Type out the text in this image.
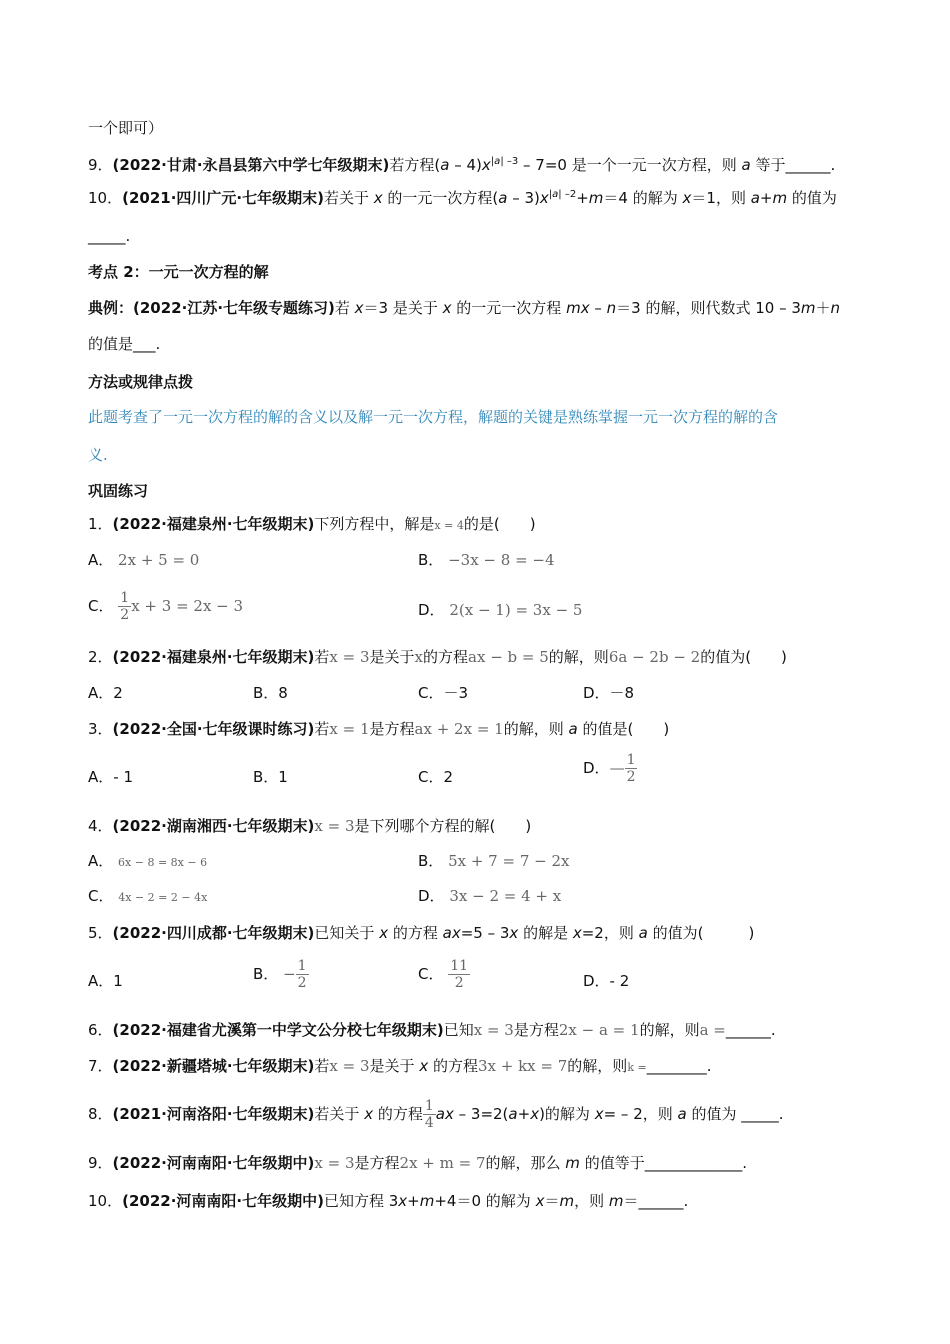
一个即可）
9．(2022·甘肃·永昌县第六中学七年级期末)若方程$(a - 4)x^{|a| -3} - 7=0$ 是一个一元一次方程，则 a 等于______.
10．(2021·四川广元·七年级期末)若关于 x 的一元一次方程$(a - 3)x^{|a| -2}+m=4$ 的解为 x＝1，则 a+m 的值为
_____.
考点 2：一元一次方程的解
典例：(2022·江苏·七年级专题练习)若 x＝3 是关于 x 的一元一次方程 mx – n＝3 的解，则代数式 10 – 3m＋n
的值是___.
方法或规律点拨
此题考查了一元一次方程的解的含义以及解一元一次方程，解题的关键是熟练掌握一元一次方程的解的含
义.
巩固练习
1．(2022·福建泉州·七年级期末)下列方程中，解是x = 4的是(　　)
A． 2x + 5 = 0	B． −3x − 8 = −4
C． $\frac{1}{2}$ x + 3 = 2x − 3	D． 2(x − 1) = 3x − 5
2．(2022·福建泉州·七年级期末)若x = 3是关于x的方程ax − b = 5的解，则6a − 2b − 2的值为(　　)
A．2	B．8	C．－3	D．－8
3．(2022·全国·七年级课时练习)若x = 1是方程ax + 2x = 1的解，则 a 的值是(　　)
A．- 1	B．1	C．2	D．— $\frac{1}{2}$
4．(2022·湖南湘西·七年级期末)x = 3是下列哪个方程的解(　　)
A． 6x − 8 = 8x − 6	B． 5x + 7 = 7 − 2x
C． 4x − 2 = 2 − 4x	D． 3x − 2 = 4 + x
5．(2022·四川成都·七年级期末)已知关于 x 的方程 ax=5 – 3x 的解是 x=2，则 a 的值为(　　　)
A．1	B． − $\frac{1}{2}$	C． $\frac{11}{2}$	D．- 2
6．(2022·福建省尤溪第一中学文公分校七年级期末)已知x = 3是方程2x − a = 1的解，则a =______.
7．(2022·新疆塔城·七年级期末)若x = 3是关于 x 的方程3x + kx = 7的解，则k =________.
8．(2021·河南洛阳·七年级期末)若关于 x 的方程 $\frac{1}{4}$ ax – 3=2(a+x)的解为 x= – 2，则 a 的值为 _____.
9．(2022·河南南阳·七年级期中)x = 3是方程2x + m = 7的解，那么 m 的值等于_____________.
10．(2022·河南南阳·七年级期中)已知方程 3x+m+4＝0 的解为 x＝m，则 m＝______.
